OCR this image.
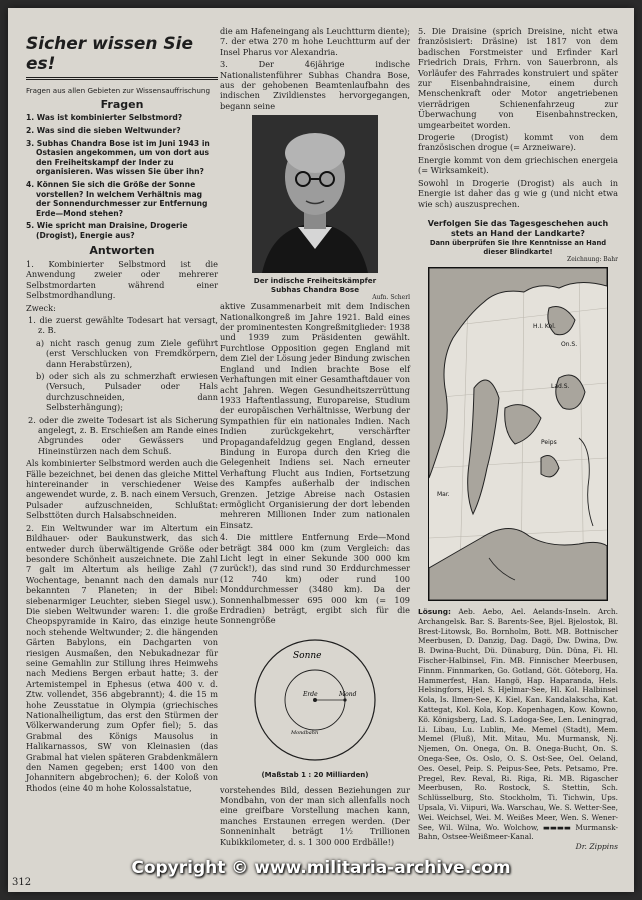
Sicher wissen Sie es!
Fragen aus allen Gebieten zur Wissensauffrischung
Fragen
1. Was ist kombinierter Selbstmord?
2. Was sind die sieben Weltwunder?
3. Subhas Chandra Bose ist im Juni 1943 in Ostasien angekommen, um von dort aus den Freiheitskampf der Inder zu organisieren. Was wissen Sie über ihn?
4. Können Sie sich die Größe der Sonne vorstellen? In welchem Verhältnis mag der Sonnendurchmesser zur Entfernung Erde—Mond stehen?
5. Wie spricht man Draisine, Drogerie (Drogist), Energie aus?
Antworten
1. Kombinierter Selbstmord ist die Anwendung zweier oder mehrerer Selbstmordarten während einer Selbstmordhandlung.
Zweck:
1. die zuerst gewählte Todesart hat versagt, z. B.
a) nicht rasch genug zum Ziele geführt (erst Verschlucken von Fremdkörpern, dann Herabstürzen),
b) oder sich als zu schmerzhaft erwiesen (Versuch, Pulsader oder Hals durchzuschneiden, dann Selbsterhängung);
2. oder die zweite Todesart ist als Sicherung angelegt, z. B. Erschießen am Rande eines Abgrundes oder Gewässers und Hineinstürzen nach dem Schuß.
Als kombinierter Selbstmord werden auch die Fälle bezeichnet, bei denen das gleiche Mittel hintereinander in verschiedener Weise angewendet wurde, z. B. nach einem Versuch, Pulsader aufzuschneiden, Schlußtat: Selbsttöten durch Halsabschneiden.
2. Ein Weltwunder war im Altertum ein Bildhauer- oder Baukunstwerk, das sich entweder durch überwältigende Größe oder besondere Schönheit auszeichnete. Die Zahl 7 galt im Altertum als heilige Zahl (7 Wochentage, benannt nach den damals nur bekannten 7 Planeten; in der Bibel: siebenarmiger Leuchter, sieben Siegel usw.). Die sieben Weltwunder waren: 1. die große Cheopspyramide in Kairo, das einzige heute noch stehende Weltwunder; 2. die hängenden Gärten Babylons, ein Dachgarten von riesigen Ausmaßen, den Nebukadnezar für seine Gemahlin zur Stillung ihres Heimwehs nach Mediens Bergen erbaut hatte; 3. der Artemistempel in Ephesus (etwa 400 v. d. Ztw. vollendet, 356 abgebrannt); 4. die 15 m hohe Zeusstatue in Olympia (griechisches Nationalheiligtum, das erst den Stürmen der Völkerwanderung zum Opfer fiel); 5. das Grabmal des Königs Mausolus in Halikarnassos, SW von Kleinasien (das Grabmal hat vielen späteren Grabdenkmälern den Namen gegeben; erst 1400 von den Johannitern abgebrochen); 6. der Koloß von Rhodos (eine 40 m hohe Kolossalstatue,
die am Hafeneingang als Leuchtturm diente); 7. der etwa 270 m hohe Leuchtturm auf der Insel Pharus vor Alexandria.
3. Der 46jährige indische Nationalistenführer Subhas Chandra Bose, aus der gehobenen Beamtenlaufbahn des indischen Zivildienstes hervorgegangen, begann seine
Der indische Freiheitskämpfer
Subhas Chandra Bose
Aufn. Scherl
aktive Zusammenarbeit mit dem Indischen Nationalkongreß im Jahre 1921. Bald eines der prominentesten Kongreßmitglieder: 1938 und 1939 zum Präsidenten gewählt. Furchtlose Opposition gegen England mit dem Ziel der Lösung jeder Bindung zwischen England und Indien brachte Bose elf Verhaftungen mit einer Gesamthaftdauer von acht Jahren. Wegen Gesundheitszerrüttung 1933 Haftentlassung, Europareise, Studium der europäischen Verhältnisse, Werbung der Sympathien für ein nationales Indien. Nach Indien zurückgekehrt, verschärfter Propagandafeldzug gegen England, dessen Bindung in Europa durch den Krieg die Gelegenheit Indiens sei. Nach erneuter Verhaftung Flucht aus Indien, Fortsetzung des Kampfes außerhalb der indischen Grenzen. Jetzige Abreise nach Ostasien ermöglicht Organisierung der dort lebenden mehreren Millionen Inder zum nationalen Einsatz.
4. Die mittlere Entfernung Erde—Mond beträgt 384 000 km (zum Vergleich: das Licht legt in einer Sekunde 300 000 km zurück!), das sind rund 30 Erddurchmesser (12 740 km) oder rund 100 Monddurchmesser (3480 km). Da der Sonnenhalbmesser 695 000 km (= 109 Erdradien) beträgt, ergibt sich für die Sonnengröße
Sonne
Erde	Mond
Mondbahn
(Maßstab 1 : 20 Milliarden)
vorstehendes Bild, dessen Beziehungen zur Mondbahn, von der man sich allenfalls noch eine greifbare Vorstellung machen kann, manches Erstaunen erregen werden. (Der Sonneninhalt beträgt 1½ Trillionen Kubikkilometer, d. s. 1 300 000 Erdbälle!)
5. Die Draisine (sprich Dreisine, nicht etwa französisiert: Dräsine) ist 1817 von dem badischen Forstmeister und Erfinder Karl Friedrich Drais, Frhrn. von Sauerbronn, als Vorläufer des Fahrrades konstruiert und später zur Eisenbahndraisine, einem durch Menschenkraft oder Motor angetriebenen vierrädrigen Schienenfahrzeug zur Überwachung von Eisenbahnstrecken, umgearbeitet worden.
Drogerie (Drogist) kommt von dem französischen drogue (= Arzneiware).
Energie kommt von dem griechischen energeia (= Wirksamkeit).
Sowohl in Drogerie (Drogist) als auch in Energie ist daher das g wie g (und nicht etwa wie sch) auszusprechen.
Verfolgen Sie das Tagesgeschehen auch stets an Hand der Landkarte?
Dann überprüfen Sie Ihre Kenntnisse an Hand dieser Blindkarte!
Zeichnung: Bahr
H.I. Kol.
Lad.S.
On.S.
Peips
Mar.
Lösung: Aeb. Aebo, Ael. Aelands-Inseln. Arch. Archangelsk. Bar. S. Barents-See, Bjel. Bjelostok, Bl. Brest-Litowsk, Bo. Bornholm, Bott. MB. Bottnischer Meerbusen, D. Danzig, Dag. Dagö, Dw. Dwina, Dw. B. Dwina-Bucht, Dü. Dünaburg, Dün. Düna, Fi. Hl. Fischer-Halbinsel, Fin. MB. Finnischer Meerbusen, Finnm. Finnmarken, Go. Gotland, Göt. Göteborg, Ha. Hammerfest, Han. Hangö, Hap. Haparanda, Hels. Helsingfors, Hjel. S. Hjelmar-See, Hl. Kol. Halbinsel Kola, Is. Ilmen-See, K. Kiel, Kan. Kandalakscha, Kat. Kattegat, Kol. Kola, Kop. Kopenhagen, Kow. Kowno, Kö. Königsberg, Lad. S. Ladoga-See, Len. Leningrad, Li. Libau, Lu. Lublin, Me. Memel (Stadt), Mem. Memel (Fluß), Mit. Mitau, Mu. Murmansk, Nj. Njemen, On. Onega, On. B. Onega-Bucht, On. S. Onega-See, Os. Oslo, O. S. Ost-See, Oel. Oeland, Oes. Oesel, Peip. S. Peipus-See, Pets. Petsamo, Pre. Pregel, Rev. Reval, Ri. Riga, Ri. MB. Rigascher Meerbusen, Ro. Rostock, S. Stettin, Sch. Schlüsselburg, Sto. Stockholm, Ti. Tichwin, Ups. Upsala, Vi. Viipuri, Wa. Warschau, We. S. Wetter-See, Wei. Weichsel, Wei. M. Weißes Meer, Wen. S. Wener-See, Wil. Wilna, Wo. Wolchow, ▬▬▬▬ Murmansk-Bahn, Ostsee-Weißmeer-Kanal.
Dr. Zippins
312
Copyright © www.militaria-archive.com
